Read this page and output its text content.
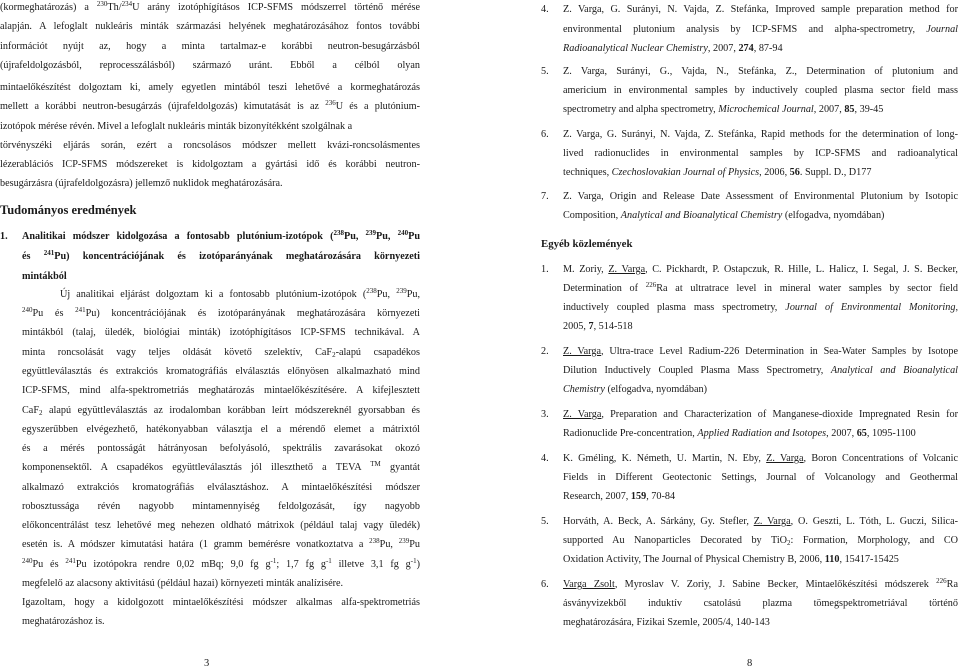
(kormeghatározás) a $^{230}$Th/$^{234}$U arány izotóphígításos ICP-SFMS módszerrel történő mérése
alapján. A lefoglalt nukleáris minták származási helyének meghatározásához fontos további
információt nyújt az, hogy a minta tartalmaz-e korábbi neutron-besugárzásból
(újrafeldolgozásból, reprocesszálásból) származó uránt. Ebből a célból olyan
mintaelőkészítést dolgoztam ki, amely egyetlen mintából teszi lehetővé a kormeghatározás
mellett a korábbi neutron-besugárzás (újrafeldolgozás) kimutatását is az $^{236}$U és a plutónium-
izotópok mérése révén. Mivel a lefoglalt nukleáris minták bizonyítékként szolgálnak a
törvényszéki eljárás során, ezért a roncsolásos módszer mellett kvázi-roncsolásmentes
lézerablációs ICP-SFMS módszereket is kidolgoztam a gyártási idő és korábbi neutron-
besugárzásra (újrafeldolgozásra) jellemző nuklidok meghatározására.
Tudományos eredmények
1.	Analitikai módszer kidolgozása a fontosabb plutónium-izotópok ($^{238}$Pu, $^{239}$Pu, $^{240}$Pu
és $^{241}$Pu) koncentrációjának és izotóparányának meghatározására környezeti
mintákból
Új analitikai eljárást dolgoztam ki a fontosabb plutónium-izotópok ($^{238}$Pu, $^{239}$Pu,
$^{240}$Pu és $^{241}$Pu) koncentrációjának és izotóparányának meghatározására környezeti
mintákból (talaj, üledék, biológiai minták) izotóphígításos ICP-SFMS technikával. A
minta roncsolását vagy teljes oldását követő szelektív, CaF$_2$-alapú csapadékos
együttleválasztás és extrakciós kromatográfiás elválasztás előnyösen alkalmazható mind
ICP-SFMS, mind alfa-spektrometriás meghatározás mintaelőkészítésére. A kifejlesztett
CaF$_2$ alapú együttleválasztás az irodalomban korábban leírt módszereknél gyorsabban és
egyszerűbben elvégezhető, hatékonyabban választja el a mérendő elemet a mátrixtól
és a mérés pontosságát hátrányosan befolyásoló, spektrális zavarásokat okozó
komponensektől. A csapadékos együttleválasztás jól illeszthető a TEVA ™ gyantát
alkalmazó extrakciós kromatográfiás elválasztáshoz. A mintaelőkészítési módszer
robosztussága révén nagyobb mintamennyiség feldolgozását, így nagyobb
előkoncentrálást tesz lehetővé meg nehezen oldható mátrixok (például talaj vagy üledék)
esetén is. A módszer kimutatási határa (1 gramm bemérésre vonatkoztatva a $^{238}$Pu, $^{239}$Pu
$^{240}$Pu és $^{241}$Pu izotópokra rendre 0,02 mBq; 9,0 fg $g^{-1}$; 1,7 fg $g^{-1}$ illetve 3,1 fg $g^{-1}$)
megfelelő az alacsony aktivitású (például hazai) környezeti minták analízisére.
Igazoltam, hogy a kidolgozott mintaelőkészítési módszer alkalmas alfa-spektrometriás
meghatározáshoz is.
3
4.	Z. Varga, G. Surányi, N. Vajda, Z. Stefánka, Improved sample preparation method for
environmental plutonium analysis by ICP-SFMS and alpha-spectrometry, Journal
Radioanalytical Nuclear Chemistry, 2007, 274, 87-94
5.	Z. Varga, Surányi, G., Vajda, N., Stefánka, Z., Determination of plutonium and
americium in environmental samples by inductively coupled plasma sector field mass
spectrometry and alpha spectrometry, Microchemical Journal, 2007, 85, 39-45
6.	Z. Varga, G. Surányi, N. Vajda, Z. Stefánka, Rapid methods for the determination of long-
lived radionuclides in environmental samples by ICP-SFMS and radioanalytical
techniques, Czechoslovakian Journal of Physics, 2006, 56. Suppl. D., D177
7.	Z. Varga, Origin and Release Date Assessment of Environmental Plutonium by Isotopic
Composition, Analytical and Bioanalytical Chemistry (elfogadva, nyomdában)
Egyéb közlemények
1.	M. Zoriy, Z. Varga, C. Pickhardt, P. Ostapczuk, R. Hille, L. Halicz, I. Segal, J. S. Becker,
Determination of $^{226}$Ra at ultratrace level in mineral water samples by sector field
inductively coupled plasma mass spectrometry, Journal of Environmental Monitoring,
2005, 7, 514-518
2.	Z. Varga, Ultra-trace Level Radium-226 Determination in Sea-Water Samples by Isotope
Dilution Inductively Coupled Plasma Mass Spectrometry, Analytical and Bioanalytical
Chemistry (elfogadva, nyomdában)
3.	Z. Varga, Preparation and Characterization of Manganese-dioxide Impregnated Resin for
Radionuclide Pre-concentration, Applied Radiation and Isotopes, 2007, 65, 1095-1100
4.	K. Gméling, K. Németh, U. Martin, N. Eby, Z. Varga, Boron Concentrations of Volcanic
Fields in Different Geotectonic Settings, Journal of Volcanology and Geothermal
Research, 2007, 159, 70-84
5.	Horváth, A. Beck, A. Sárkány, Gy. Stefler, Z. Varga, O. Geszti, L. Tóth, L. Guczi, Silica-
supported Au Nanoparticles Decorated by TiO$_2$: Formation, Morphology, and CO
Oxidation Activity, The Journal of Physical Chemistry B, 2006, 110, 15417-15425
6.	Varga Zsolt, Myroslav V. Zoriy, J. Sabine Becker, Mintaelőkészítési módszerek $^{226}$Ra
ásványvizekből induktív csatolású plazma tömegspektrometriával történő
meghatározására, Fizikai Szemle, 2005/4, 140-143
8
